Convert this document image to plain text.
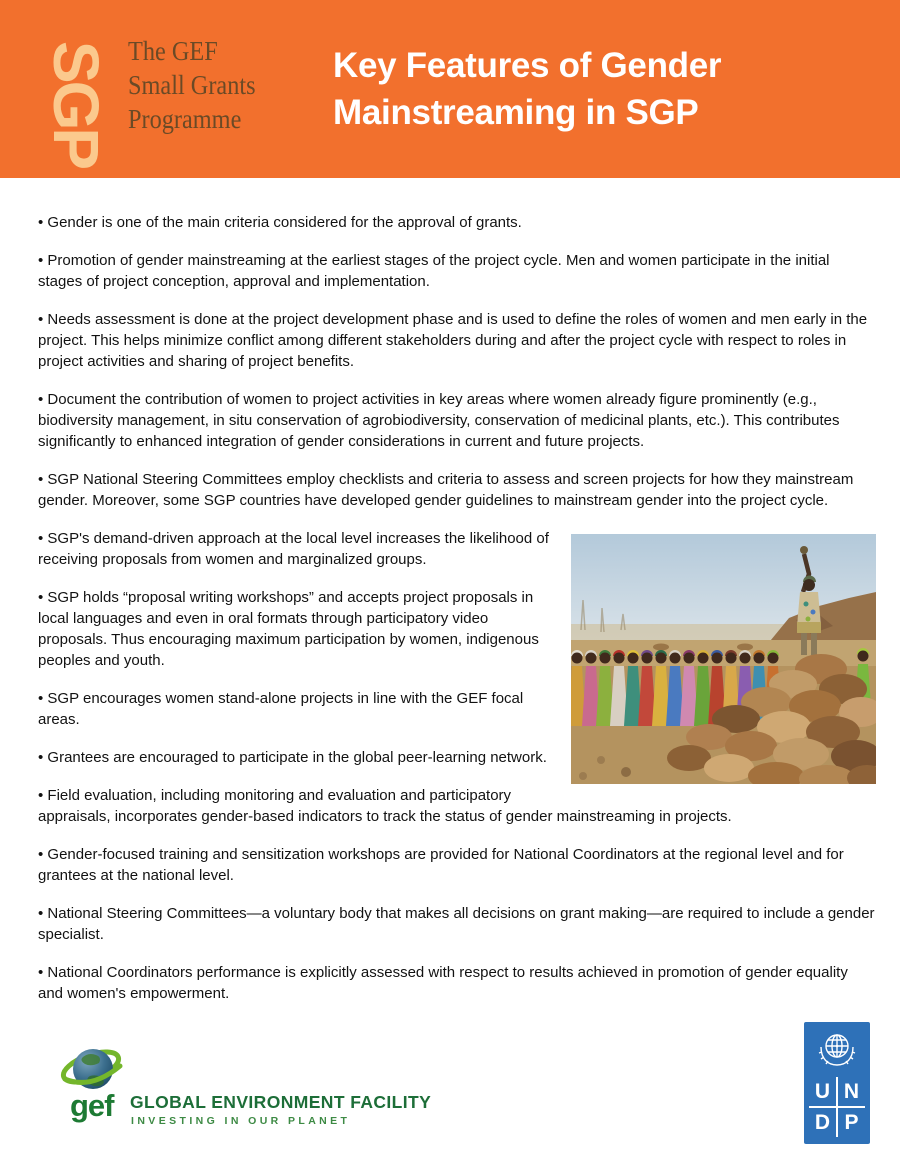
SGP The GEF
Small Grants
Programme
Key Features of Gender
Mainstreaming in SGP

• Gender is one of the main criteria considered for the approval of grants.

• Promotion of gender mainstreaming at the earliest stages of the project cycle. Men and women participate in the initial stages of project conception, approval and implementation.

• Needs assessment is done at the project development phase and is used to define the roles of women and men early in the project. This helps minimize conflict among different stakeholders during and after the project cycle with respect to roles in project activities and sharing of project benefits.

• Document the contribution of women to project activities in key areas where women already figure prominently (e.g., biodiversity management, in situ conservation of agrobiodiversity, conservation of medicinal plants, etc.). This contributes significantly to enhanced integration of gender considerations in current and future projects.

• SGP National Steering Committees employ checklists and criteria to assess and screen projects for how they mainstream gender. Moreover, some SGP countries have developed gender guidelines to mainstream gender into the project cycle.

• SGP's demand-driven approach at the local level increases the likelihood of receiving proposals from women and marginalized groups.

• SGP holds “proposal writing workshops” and accepts project proposals in local languages and even in oral formats through participatory video proposals. Thus encouraging maximum participation by women, indigenous peoples and youth.

• SGP encourages women stand-alone projects in line with the GEF focal areas.

• Grantees are encouraged to participate in the global peer-learning network.

• Field evaluation, including monitoring and evaluation and participatory appraisals, incorporates gender-based indicators to track the status of gender mainstreaming in projects.

• Gender-focused training and sensitization workshops are provided for National Coordinators at the regional level and for grantees at the national level.

• National Steering Committees—a voluntary body that makes all decisions on grant making—are required to include a gender specialist.

• National Coordinators performance is explicitly assessed with respect to results achieved in promotion of gender equality and women's empowerment.

gef GLOBAL ENVIRONMENT FACILITY
INVESTING IN OUR PLANET
U N
D P
